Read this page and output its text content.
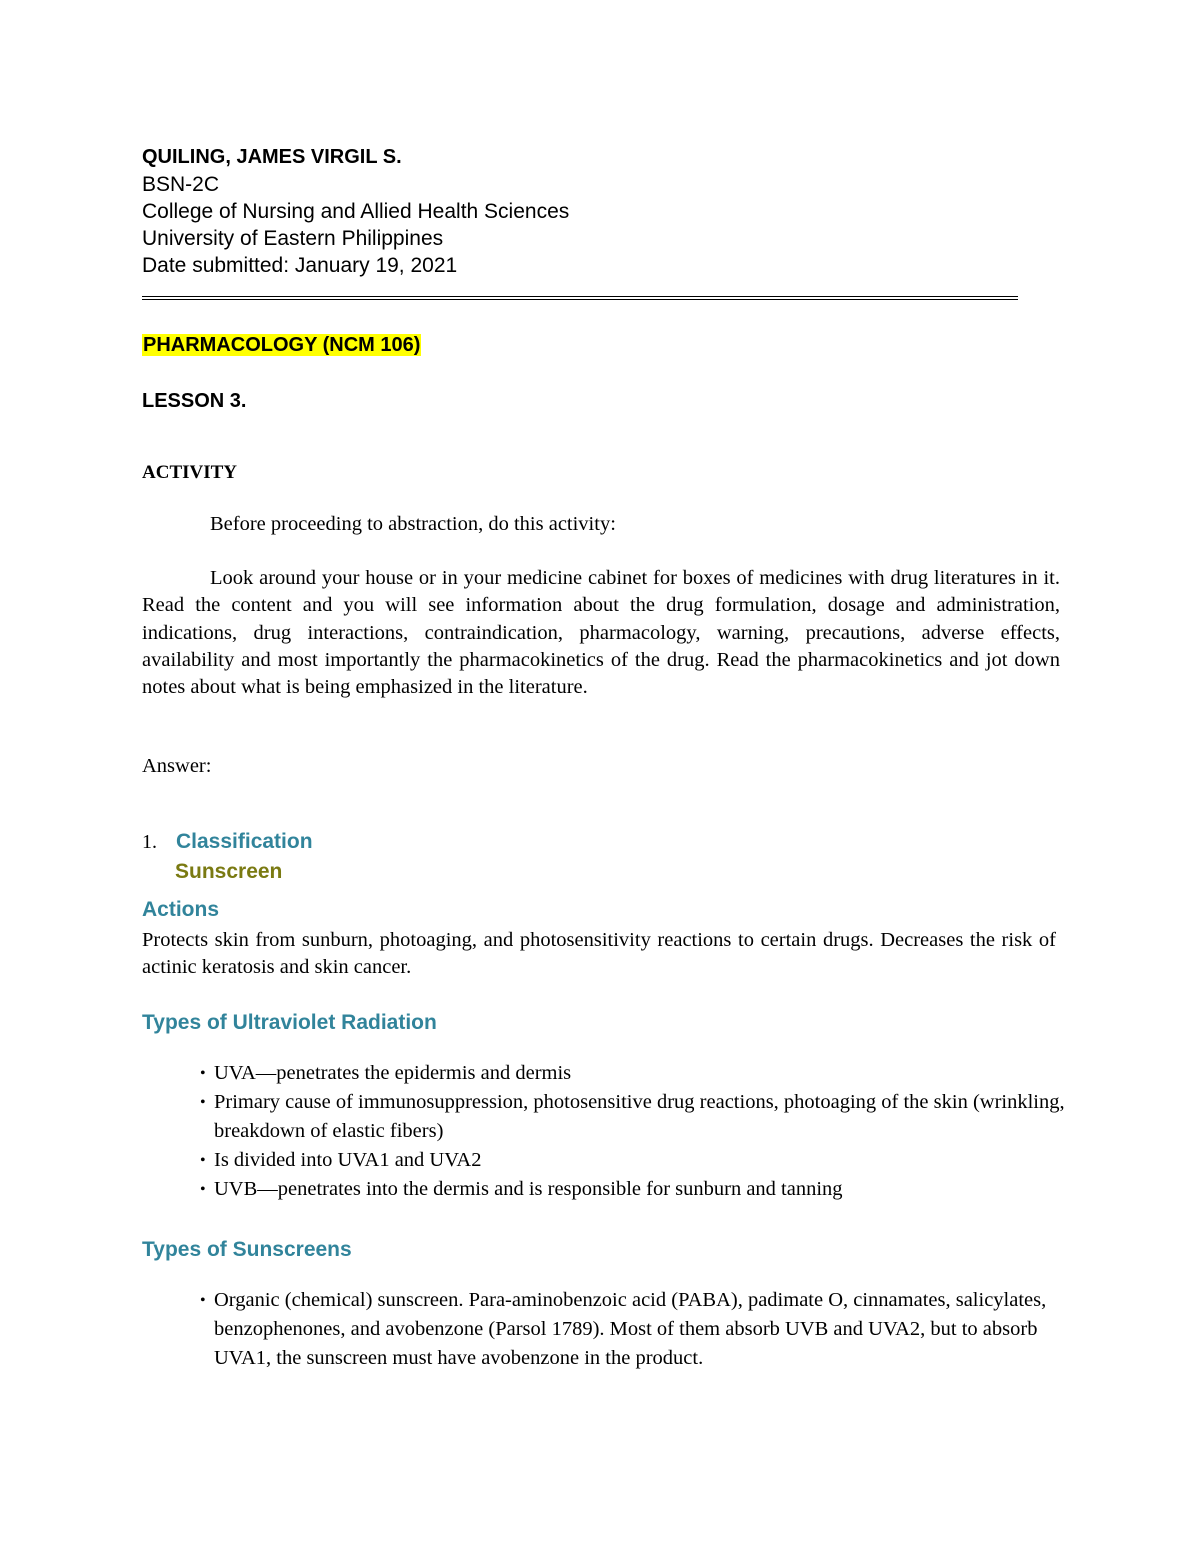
QUILING, JAMES VIRGIL S.

BSN-2C

College of Nursing and Allied Health Sciences

University of Eastern Philippines

Date submitted: January 19, 2021

PHARMACOLOGY (NCM 106)
LESSON 3.
ACTIVITY
Before proceeding to abstraction, do this activity:
Look around your house or in your medicine cabinet for boxes of medicines with drug literatures in it. Read the content and you will see information about the drug formulation, dosage and administration, indications, drug interactions, contraindication, pharmacology, warning, precautions, adverse effects, availability and most importantly the pharmacokinetics of the drug. Read the pharmacokinetics and jot down notes about what is being emphasized in the literature.
Answer:
1. Classification
Sunscreen
Actions
Protects skin from sunburn, photoaging, and photosensitivity reactions to certain drugs. Decreases the risk of actinic keratosis and skin cancer.
Types of Ultraviolet Radiation
• UVA—penetrates the epidermis and dermis
• Primary cause of immunosuppression, photosensitive drug reactions, photoaging of the skin (wrinkling, breakdown of elastic fibers)
• Is divided into UVA1 and UVA2
• UVB—penetrates into the dermis and is responsible for sunburn and tanning
Types of Sunscreens
• Organic (chemical) sunscreen. Para-aminobenzoic acid (PABA), padimate O, cinnamates, salicylates, benzophenones, and avobenzone (Parsol 1789). Most of them absorb UVB and UVA2, but to absorb UVA1, the sunscreen must have avobenzone in the product.
